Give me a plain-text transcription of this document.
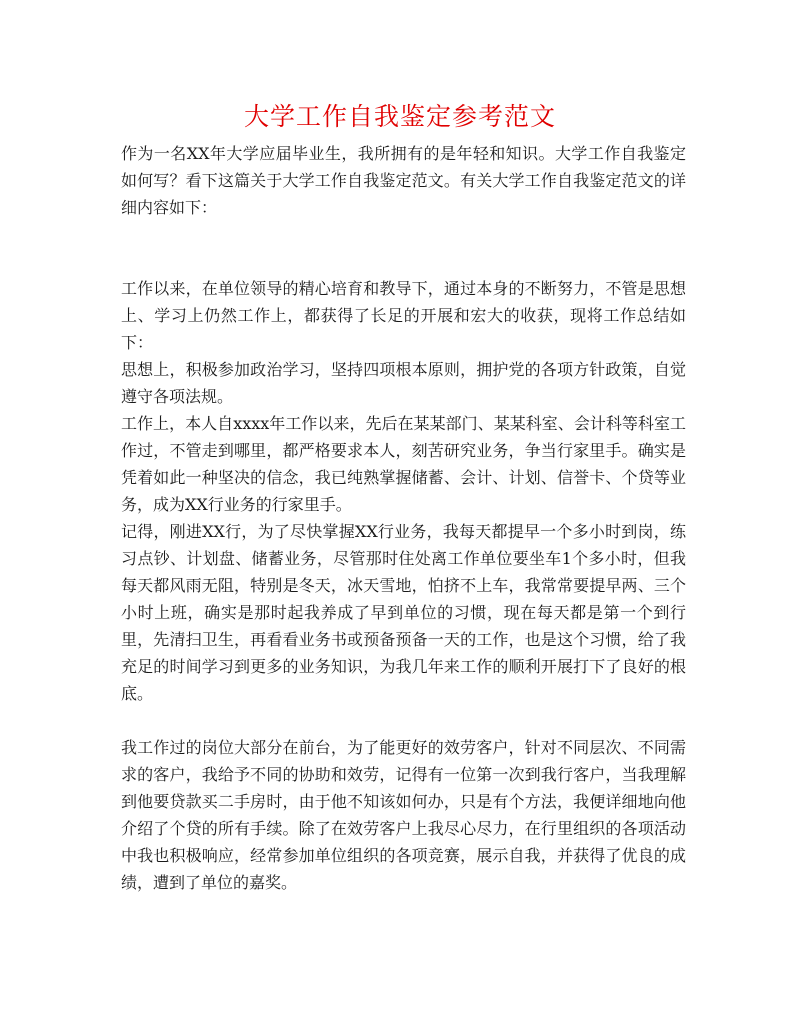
大学工作自我鉴定参考范文

作为一名XX年大学应届毕业生，我所拥有的是年轻和知识。大学工作自我鉴定如何写？看下这篇关于大学工作自我鉴定范文。有关大学工作自我鉴定范文的详细内容如下：

工作以来，在单位领导的精心培育和教导下，通过本身的不断努力，不管是思想上、学习上仍然工作上，都获得了长足的开展和宏大的收获，现将工作总结如下：

思想上，积极参加政治学习，坚持四项根本原则，拥护党的各项方针政策，自觉遵守各项法规。

工作上，本人自xxxx年工作以来，先后在某某部门、某某科室、会计科等科室工作过，不管走到哪里，都严格要求本人，刻苦研究业务，争当行家里手。确实是凭着如此一种坚决的信念，我已纯熟掌握储蓄、会计、计划、信誉卡、个贷等业务，成为XX行业务的行家里手。

记得，刚进XX行，为了尽快掌握XX行业务，我每天都提早一个多小时到岗，练习点钞、计划盘、储蓄业务，尽管那时住处离工作单位要坐车1个多小时，但我每天都风雨无阻，特别是冬天，冰天雪地，怕挤不上车，我常常要提早两、三个小时上班，确实是那时起我养成了早到单位的习惯，现在每天都是第一个到行里，先清扫卫生，再看看业务书或预备预备一天的工作，也是这个习惯，给了我充足的时间学习到更多的业务知识，为我几年来工作的顺利开展打下了良好的根底。

我工作过的岗位大部分在前台，为了能更好的效劳客户，针对不同层次、不同需求的客户，我给予不同的协助和效劳，记得有一位第一次到我行客户，当我理解到他要贷款买二手房时，由于他不知该如何办，只是有个方法，我便详细地向他介绍了个贷的所有手续。除了在效劳客户上我尽心尽力，在行里组织的各项活动中我也积极响应，经常参加单位组织的各项竞赛，展示自我，并获得了优良的成绩，遭到了单位的嘉奖。
